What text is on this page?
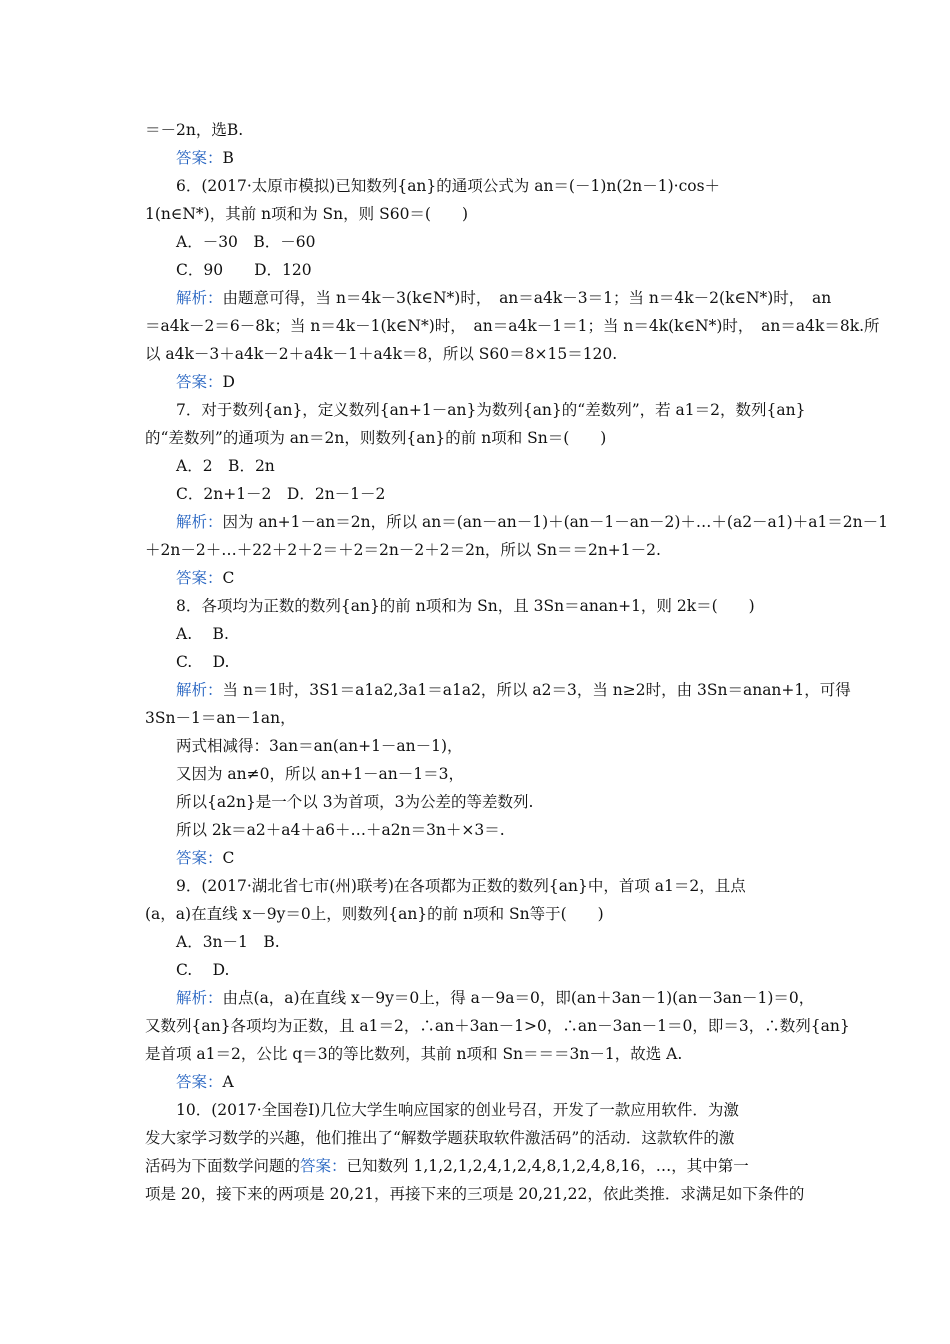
＝－2n，选B.
答案：B
6．(2017·太原市模拟)已知数列{an}的通项公式为 an＝(－1)n(2n－1)·cos＋
1(n∈N*)，其前 n项和为 Sn，则 S60＝(　　)
A．－30　B．－60
C．90　　D．120
解析：由题意可得，当 n＝4k－3(k∈N*)时，　an＝a4k－3＝1；当 n＝4k－2(k∈N*)时，　an
＝a4k－2＝6－8k；当 n＝4k－1(k∈N*)时，　an＝a4k－1＝1；当 n＝4k(k∈N*)时，　an＝a4k＝8k.所
以 a4k－3＋a4k－2＋a4k－1＋a4k＝8，所以 S60＝8×15＝120.
答案：D
7．对于数列{an}，定义数列{an+1－an}为数列{an}的“差数列”，若 a1＝2，数列{an}
的“差数列”的通项为 an＝2n，则数列{an}的前 n项和 Sn＝(　　)
A．2　B．2n
C．2n+1－2　D．2n－1－2
解析：因为 an+1－an＝2n，所以 an＝(an－an－1)＋(an－1－an－2)＋…＋(a2－a1)＋a1＝2n－1
＋2n－2＋…＋22＋2＋2＝＋2＝2n－2＋2＝2n，所以 Sn＝＝2n+1－2.
答案：C
8．各项均为正数的数列{an}的前 n项和为 Sn，且 3Sn＝anan+1，则 2k＝(　　)
A.　 B.
C.　 D.
解析：当 n＝1时，3S1＝a1a2,3a1＝a1a2，所以 a2＝3，当 n≥2时，由 3Sn＝anan+1，可得
3Sn－1＝an－1an，
两式相减得：3an＝an(an+1－an－1)，
又因为 an≠0，所以 an+1－an－1＝3，
所以{a2n}是一个以 3为首项，3为公差的等差数列.
所以 2k＝a2＋a4＋a6＋…＋a2n＝3n＋×3＝.
答案：C
9．(2017·湖北省七市(州)联考)在各项都为正数的数列{an}中，首项 a1＝2，且点
(a，a)在直线 x－9y＝0上，则数列{an}的前 n项和 Sn等于(　　)
A．3n－1　B.
C.　 D.
解析：由点(a，a)在直线 x－9y＝0上，得 a－9a＝0，即(an＋3an－1)(an－3an－1)＝0，
又数列{an}各项均为正数，且 a1＝2，∴an＋3an－1>0，∴an－3an－1＝0，即＝3，∴数列{an}
是首项 a1＝2，公比 q＝3的等比数列，其前 n项和 Sn＝＝＝3n－1，故选 A.
答案：A
10．(2017·全国卷Ⅰ)几位大学生响应国家的创业号召，开发了一款应用软件．为激
发大家学习数学的兴趣，他们推出了“解数学题获取软件激活码”的活动．这款软件的激
活码为下面数学问题的答案：已知数列 1,1,2,1,2,4,1,2,4,8,1,2,4,8,16，…，其中第一
项是 20，接下来的两项是 20,21，再接下来的三项是 20,21,22，依此类推．求满足如下条件的
